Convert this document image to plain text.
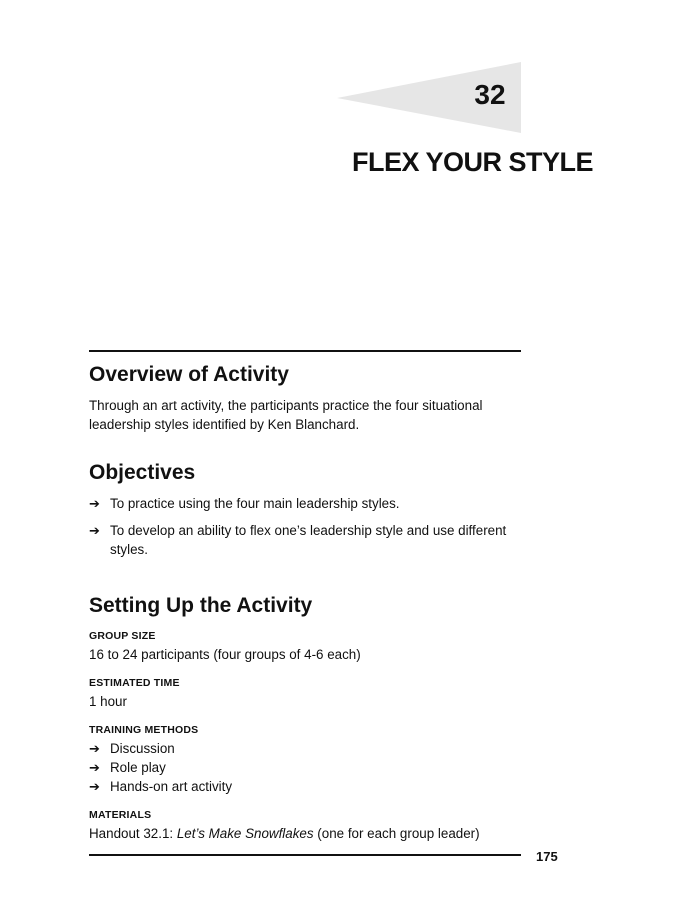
32
FLEX YOUR STYLE
Overview of Activity

Through an art activity, the participants practice the four situational leadership styles identified by Ken Blanchard.

Objectives
➔ To practice using the four main leadership styles.
➔ To develop an ability to flex one’s leadership style and use different styles.
Setting Up the Activity
GROUP SIZE
16 to 24 participants (four groups of 4-6 each)
ESTIMATED TIME
1 hour
TRAINING METHODS
➔ Discussion
➔ Role play
➔ Hands-on art activity
MATERIALS
Handout 32.1: Let’s Make Snowflakes (one for each group leader)
175
